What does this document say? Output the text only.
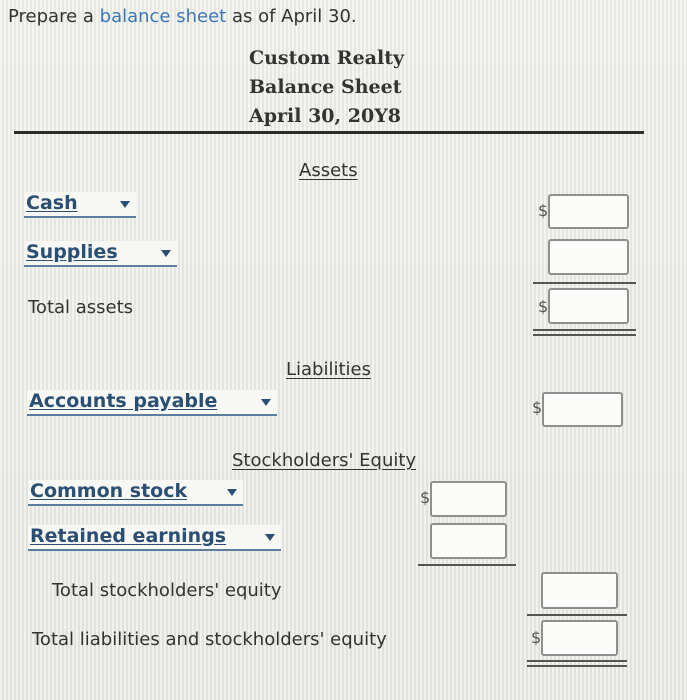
Prepare a balance sheet as of April 30.
Custom Realty
Balance Sheet
April 30, 20Y8
Assets
Cash	$
Supplies
Total assets	$
Liabilities
Accounts payable	$
Stockholders' Equity
Common stock	$
Retained earnings
Total stockholders' equity
Total liabilities and stockholders' equity	$
